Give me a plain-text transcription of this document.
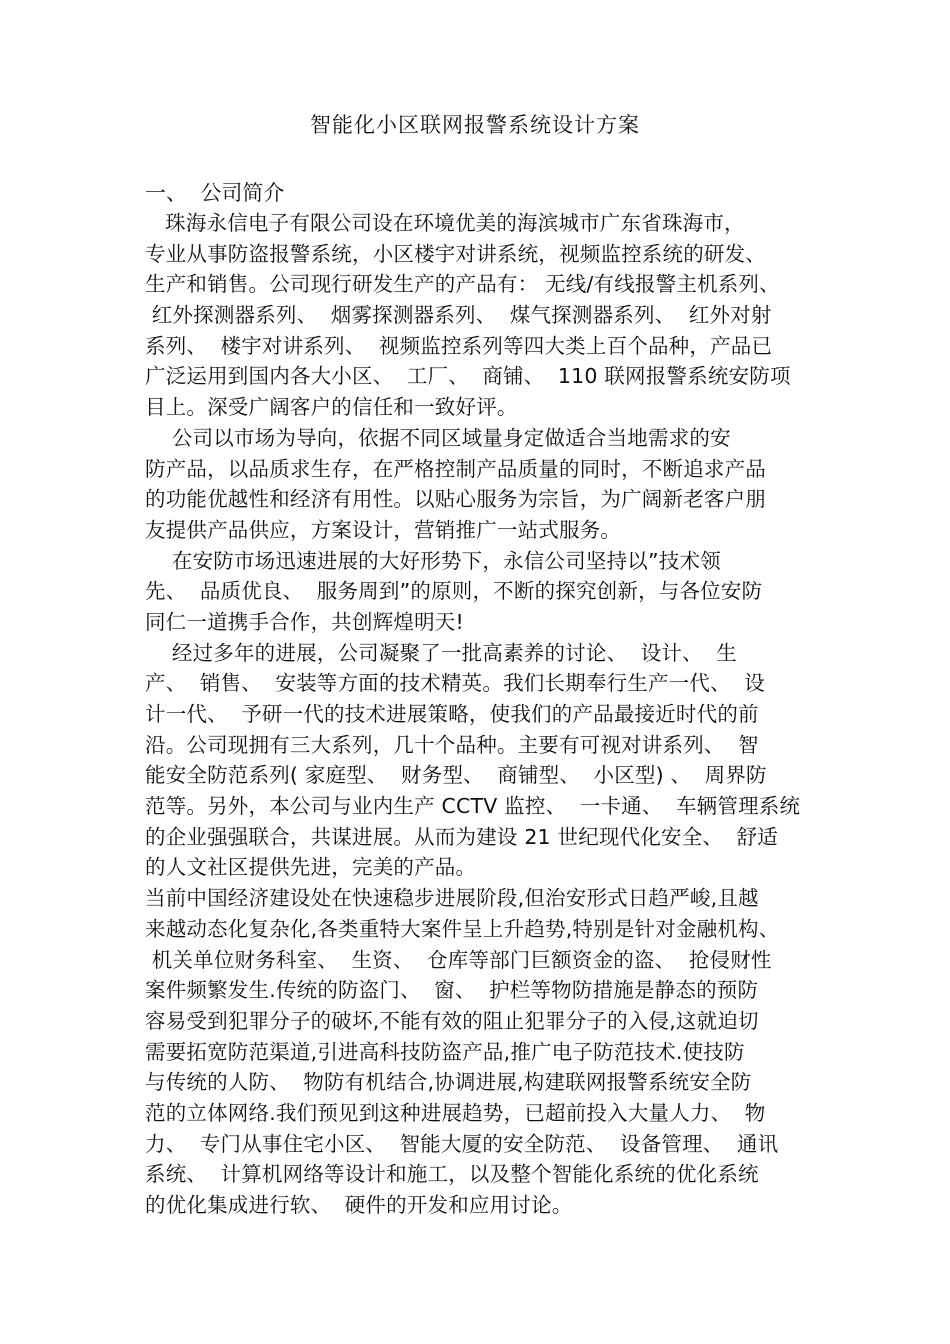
智能化小区联网报警系统设计方案
一、  公司简介
珠海永信电子有限公司设在环境优美的海滨城市广东省珠海市，
专业从事防盗报警系统，小区楼宇对讲系统，视频监控系统的研发、
生产和销售。公司现行研发生产的产品有： 无线/有线报警主机系列、
红外探测器系列、  烟雾探测器系列、  煤气探测器系列、  红外对射
系列、  楼宇对讲系列、  视频监控系列等四大类上百个品种，产品已
广泛运用到国内各大小区、  工厂、  商铺、  110 联网报警系统安防项
目上。深受广阔客户的信任和一致好评。
公司以市场为导向，依据不同区域量身定做适合当地需求的安
防产品，以品质求生存，在严格控制产品质量的同时，不断追求产品
的功能优越性和经济有用性。以贴心服务为宗旨，为广阔新老客户朋
友提供产品供应，方案设计，营销推广一站式服务。
在安防市场迅速进展的大好形势下，永信公司坚持以”技术领
先、  品质优良、  服务周到”的原则，不断的探究创新，与各位安防
同仁一道携手合作，共创辉煌明天!
经过多年的进展，公司凝聚了一批高素养的讨论、  设计、  生
产、  销售、  安装等方面的技术精英。我们长期奉行生产一代、  设
计一代、  予研一代的技术进展策略，使我们的产品最接近时代的前
沿。公司现拥有三大系列，几十个品种。主要有可视对讲系列、  智
能安全防范系列( 家庭型、  财务型、  商铺型、  小区型) 、  周界防
范等。另外，本公司与业内生产 CCTV 监控、  一卡通、  车辆管理系统
的企业强强联合，共谋进展。从而为建设 21 世纪现代化安全、  舒适
的人文社区提供先进，完美的产品。
当前中国经济建设处在快速稳步进展阶段,但治安形式日趋严峻,且越
来越动态化复杂化,各类重特大案件呈上升趋势,特别是针对金融机构、
机关单位财务科室、  生资、  仓库等部门巨额资金的盗、  抢侵财性
案件频繁发生.传统的防盗门、  窗、  护栏等物防措施是静态的预防
容易受到犯罪分子的破坏,不能有效的阻止犯罪分子的入侵,这就迫切
需要拓宽防范渠道,引进高科技防盗产品,推广电子防范技术.使技防
与传统的人防、  物防有机结合,协调进展,构建联网报警系统安全防
范的立体网络.我们预见到这种进展趋势，已超前投入大量人力、  物
力、  专门从事住宅小区、  智能大厦的安全防范、  设备管理、  通讯
系统、  计算机网络等设计和施工，以及整个智能化系统的优化系统
的优化集成进行软、  硬件的开发和应用讨论。
